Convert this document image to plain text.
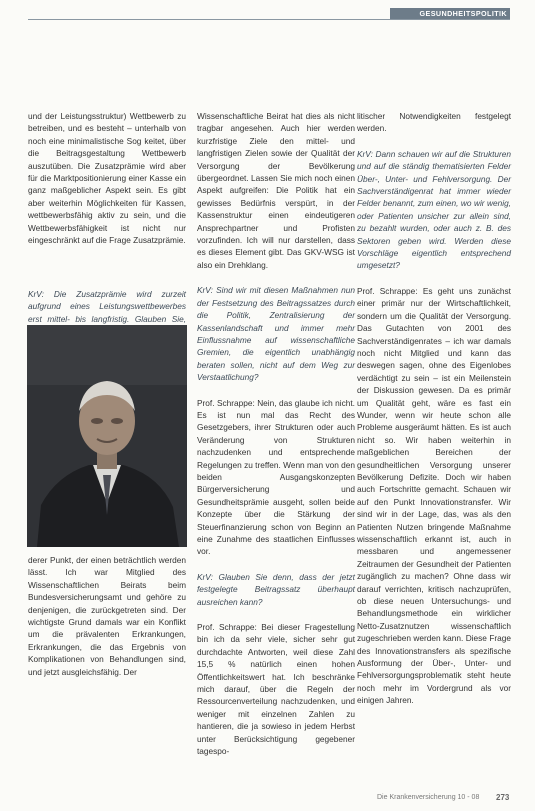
GESUNDHEITSPOLITIK

und der Leistungsstruktur) Wettbewerb zu betreiben, und es besteht – unterhalb von noch eine minimalistische Sog keitet, über die Beitragsgestaltung Wettbewerb auszutüben. Die Zusatzprämie wird aber für die Marktpositionierung einer Kasse ein ganz maßgeblicher Aspekt sein. Es gibt aber weiterhin Möglichkeiten für Kassen, wettbewerbsfähig aktiv zu sein, und die Wettbewerbsfähigkeit ist nicht nur eingeschränkt auf die Frage Zusatzprämie.

KrV: Die Zusatzprämie wird zurzeit aufgrund eines Leistungswettbewerbes erst mittel- bis langfristig. Glauben Sie,

derer Punkt, der einen beträchtlich werden lässt. Ich war Mitglied des Wissenschaftlichen Beirats beim Bundesversicherungsamt und gehöre zu denjenigen, die zurückgetreten sind. Der wichtigste Grund damals war ein Konflikt um die prävalenten Erkrankungen, Erkrankungen, die das Ergebnis von Komplikationen von Behandlungen sind, und jetzt ausgleichsfähig. Der

Wissenschaftliche Beirat hat dies als nicht tragbar angesehen. Auch hier werden kurzfristige Ziele den mittel- und langfristigen Zielen sowie der Qualität der Versorgung der Bevölkerung übergeordnet. Lassen Sie mich noch einen Aspekt aufgreifen: Die Politik hat ein gewisses Bedürfnis verspürt, in der Kassenstruktur einen eindeutigeren Ansprechpartner und Profisten vorzufinden. Ich will nur darstellen, dass es dieses Element gibt. Das GKV-WSG ist also ein Drehklang.

KrV: Sind wir mit diesen Maßnahmen nun der Festsetzung des Beitragssatzes durch die Politik, Zentralisierung der Kassenlandschaft und immer mehr Einflussnahme auf wissenschaftliche Gremien, die eigentlich unabhängig beraten sollen, nicht auf dem Weg zur Verstaatlichung?

Prof. Schrappe: Nein, das glaube ich nicht. Es ist nun mal das Recht des Gesetzgebers, ihrer Strukturen oder auch Veränderung von Strukturen nachzudenken und entsprechende Regelungen zu treffen. Wenn man von den beiden Ausgangskonzepten Bürgerversicherung und Gesundheitsprämie ausgeht, sollen beide Konzepte über die Stärkung der Steuerfinanzierung schon von Beginn an eine Zunahme des staatlichen Einflusses vor.

KrV: Glauben Sie denn, dass der jetzt festgelegte Beitragssatz überhaupt ausreichen kann?

Prof. Schrappe: Bei dieser Fragestellung bin ich da sehr viele, sicher sehr gut durchdachte Antworten, weil diese Zahl 15,5 % natürlich einen hohen Öffentlichkeitswert hat. Ich beschränke mich darauf, über die Regeln der Ressourcenverteilung nachzudenken, und weniger mit einzelnen Zahlen zu hantieren, die ja sowieso in jedem Herbst unter Berücksichtigung gegebener tagespo-

litischer Notwendigkeiten festgelegt werden.

KrV: Dann schauen wir auf die Strukturen und auf die ständig thematisierten Felder Über-, Unter- und Fehlversorgung. Der Sachverständigenrat hat immer wieder Felder benannt, zum einen, wo wir wenig, oder Patienten unsicher zur allein sind, zu bezahlt wurden, oder auch z. B. des Sektoren geben wird. Werden diese Vorschläge eigentlich entsprechend umgesetzt?

Prof. Schrappe: Es geht uns zunächst einer primär nur der Wirtschaftlichkeit, sondern um die Qualität der Versorgung. Das Gutachten von 2001 des Sachverständigenrates – ich war damals noch nicht Mitglied und kann das deswegen sagen, ohne des Eigenlobes verdächtigt zu sein – ist ein Meilenstein der Diskussion gewesen. Da es primär um Qualität geht, wäre es fast ein Wunder, wenn wir heute schon alle Probleme ausgeräumt hätten. Es ist auch nicht so. Wir haben weiterhin in maßgeblichen Bereichen der gesundheitlichen Versorgung unserer Bevölkerung Defizite. Doch wir haben auch Fortschritte gemacht. Schauen wir auf den Punkt Innovationstransfer. Wir sind wir in der Lage, das, was als den Patienten Nutzen bringende Maßnahme wissenschaftlich erkannt ist, auch in messbaren und angemessener Zeitraumen der Gesundheit der Patienten zugänglich zu machen? Ohne dass wir darauf verrichten, kritisch nachzuprüfen, ob diese neuen Untersuchungs- und Behandlungsmethode ein wirklicher Netto-Zusatznutzen wissenschaftlich zugeschrieben werden kann. Diese Frage des Innovationstransfers als spezifische Ausformung der Über-, Unter- und Fehlversorgungsproblematik steht heute noch mehr im Vordergrund als vor einigen Jahren.

Die Krankenversicherung 10 - 08 273
